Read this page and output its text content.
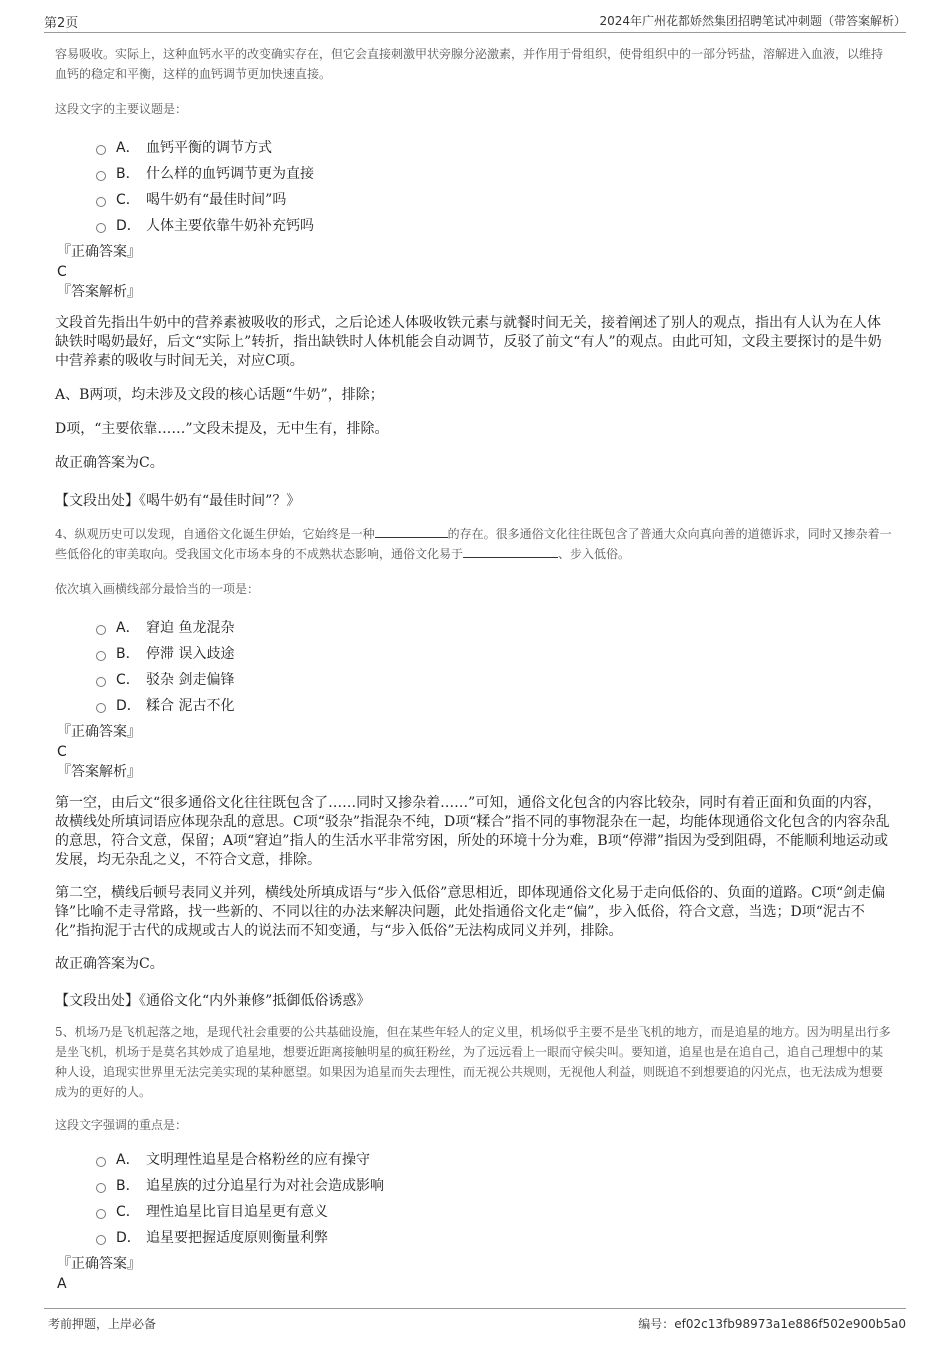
第2页	2024年广州花都娇然集团招聘笔试冲刺题（带答案解析）

容易吸收。实际上，这种血钙水平的改变确实存在，但它会直接刺激甲状旁腺分泌激素，并作用于骨组织，使骨组织中的一部分钙盐，溶解进入血液，以维持血钙的稳定和平衡，这样的血钙调节更加快速直接。

这段文字的主要议题是：

A． 血钙平衡的调节方式
B． 什么样的血钙调节更为直接
C． 喝牛奶有“最佳时间”吗
D． 人体主要依靠牛奶补充钙吗

『正确答案』

C

『答案解析』

文段首先指出牛奶中的营养素被吸收的形式，之后论述人体吸收铁元素与就餐时间无关，接着阐述了别人的观点，指出有人认为在人体缺铁时喝奶最好，后文“实际上”转折，指出缺铁时人体机能会自动调节，反驳了前文“有人”的观点。由此可知，文段主要探讨的是牛奶中营养素的吸收与时间无关，对应C项。

A、B两项，均未涉及文段的核心话题“牛奶”，排除；

D项，“主要依靠……”文段未提及，无中生有，排除。

故正确答案为C。

【文段出处】《喝牛奶有“最佳时间”？》

4、纵观历史可以发现，自通俗文化诞生伊始，它始终是一种	的存在。很多通俗文化往往既包含了普通大众向真向善的道德诉求，同时又掺杂着一些低俗化的审美取向。受我国文化市场本身的不成熟状态影响，通俗文化易于	、步入低俗。

依次填入画横线部分最恰当的一项是：

A． 窘迫 鱼龙混杂
B． 停滞 误入歧途
C． 驳杂 剑走偏锋
D． 糅合 泥古不化

『正确答案』

C

『答案解析』

第一空，由后文“很多通俗文化往往既包含了……同时又掺杂着……”可知，通俗文化包含的内容比较杂，同时有着正面和负面的内容，故横线处所填词语应体现杂乱的意思。C项“驳杂”指混杂不纯，D项“糅合”指不同的事物混杂在一起，均能体现通俗文化包含的内容杂乱的意思，符合文意，保留；A项“窘迫”指人的生活水平非常穷困，所处的环境十分为难，B项“停滞”指因为受到阻碍，不能顺利地运动或发展，均无杂乱之义，不符合文意，排除。

第二空，横线后顿号表同义并列，横线处所填成语与“步入低俗”意思相近，即体现通俗文化易于走向低俗的、负面的道路。C项“剑走偏锋”比喻不走寻常路，找一些新的、不同以往的办法来解决问题，此处指通俗文化走“偏”，步入低俗，符合文意，当选；D项“泥古不化”指拘泥于古代的成规或古人的说法而不知变通，与“步入低俗”无法构成同义并列，排除。

故正确答案为C。

【文段出处】《通俗文化“内外兼修”抵御低俗诱惑》

5、机场乃是飞机起落之地，是现代社会重要的公共基础设施，但在某些年轻人的定义里，机场似乎主要不是坐飞机的地方，而是追星的地方。因为明星出行多是坐飞机，机场于是莫名其妙成了追星地，想要近距离接触明星的疯狂粉丝，为了远远看上一眼而守候尖叫。要知道，追星也是在追自己，追自己理想中的某种人设，追现实世界里无法完美实现的某种愿望。如果因为追星而失去理性，而无视公共规则，无视他人利益，则既追不到想要追的闪光点，也无法成为想要成为的更好的人。

这段文字强调的重点是：

A． 文明理性追星是合格粉丝的应有操守
B． 追星族的过分追星行为对社会造成影响
C． 理性追星比盲目追星更有意义
D． 追星要把握适度原则衡量利弊

『正确答案』

A

考前押题，上岸必备	编号：ef02c13fb98973a1e886f502e900b5a0
